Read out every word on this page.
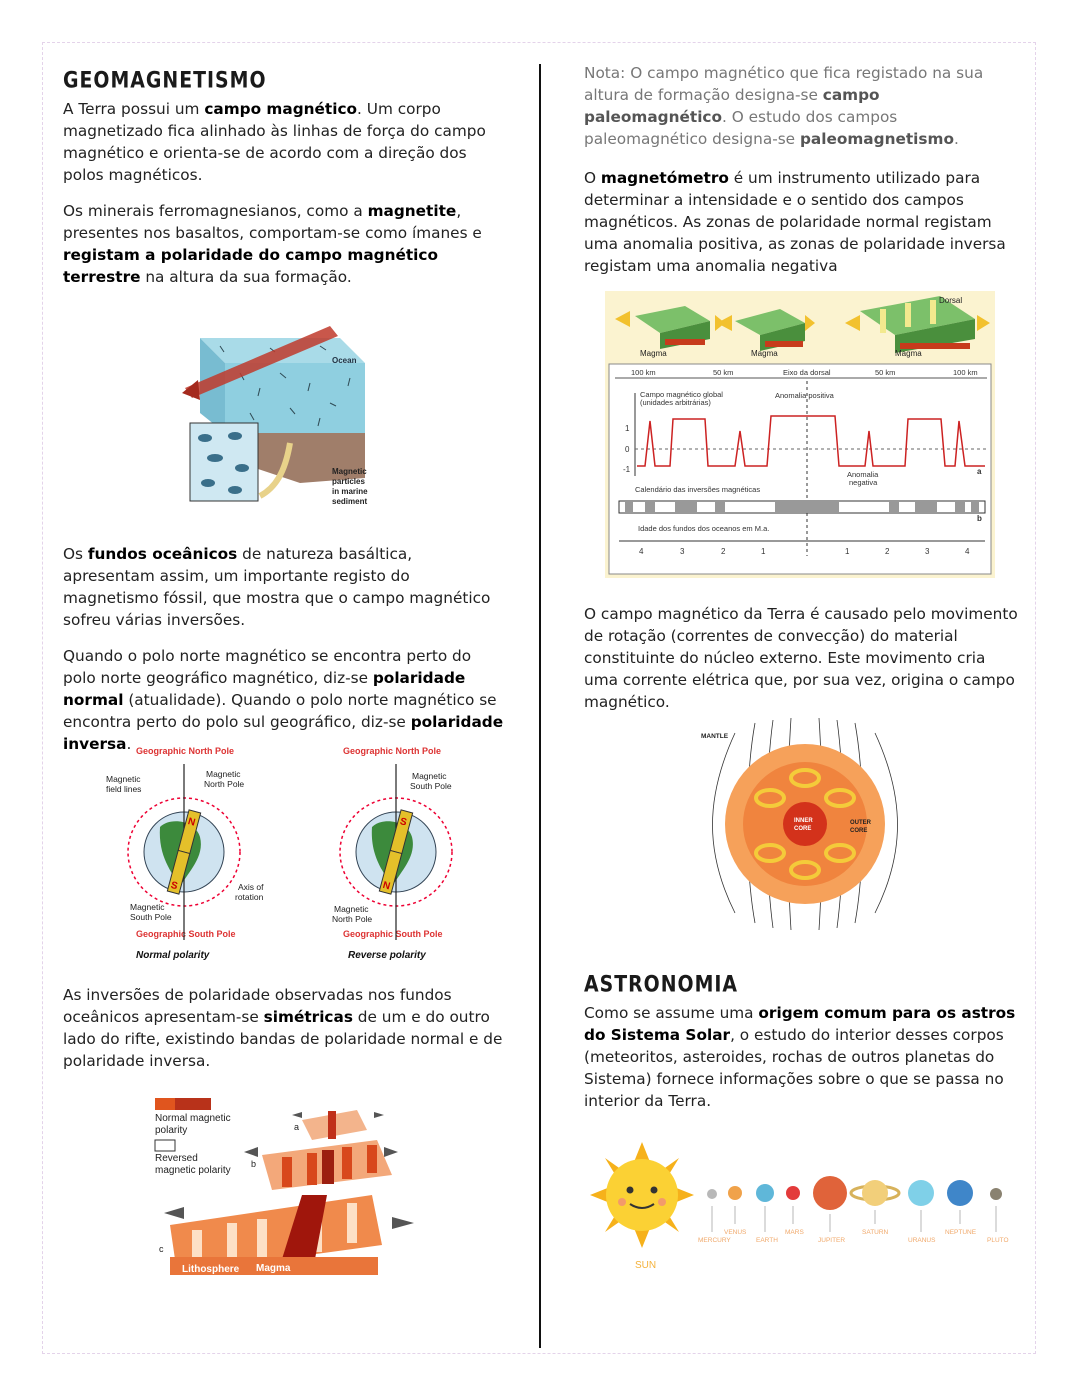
GEOMAGNETISMO

A Terra possui um campo magnético. Um corpo magnetizado fica alinhado às linhas de força do campo magnético e orienta-se de acordo com a direção dos polos magnéticos.

Os minerais ferromagnesianos, como a magnetite, presentes nos basaltos, comportam-se como ímanes e registam a polaridade do campo magnético terrestre na altura da sua formação.

Ocean
Magnetic
particles
in marine
sediment

Os fundos oceânicos de natureza basáltica, apresentam assim, um importante registo do magnetismo fóssil, que mostra que o campo magnético sofreu várias inversões.

Quando o polo norte magnético se encontra perto do polo norte geográfico magnético, diz-se polaridade normal (atualidade). Quando o polo norte magnético se encontra perto do polo sul geográfico, diz-se polaridade inversa. Geographic North Pole
Geographic South Pole
Magnetic
field lines
Magnetic
North Pole
Magnetic
South Pole
Axis of
rotation
N
S
Normal polarity
Geographic North Pole
Geographic South Pole
Magnetic
South Pole
Magnetic
North Pole
S
N
Reverse polarity

As inversões de polaridade observadas nos fundos oceânicos apresentam-se simétricas de um e do outro lado do rifte, existindo bandas de polaridade normal e de polaridade inversa.

Normal magnetic
polarity
Reversed
magnetic polarity
a
b
c
Lithosphere Magma

Nota: O campo magnético que fica registado na sua altura de formação designa-se campo paleomagnético. O estudo dos campos paleomagnético designa-se paleomagnetismo.

O magnetómetro é um instrumento utilizado para determinar a intensidade e o sentido dos campos magnéticos. As zonas de polaridade normal registam uma anomalia positiva, as zonas de polaridade inversa registam uma anomalia negativa

Dorsal
Magma	Magma	Magma
100 km	50 km	Eixo da dorsal	50 km	100 km
Campo magnético global
(unidades arbitrárias)
Anomalia positiva
Anomalia
negativa
1
0
-1	a
b
Calendário das inversões magnéticas
Idade dos fundos dos oceanos em M.a.
4	3	2	1	1	2	3	4

O campo magnético da Terra é causado pelo movimento de rotação (correntes de convecção) do material constituinte do núcleo externo. Este movimento cria uma corrente elétrica que, por sua vez, origina o campo magnético.

MANTLE
INNER
CORE
OUTER
CORE
ASTRONOMIA

Como se assume uma origem comum para os astros do Sistema Solar, o estudo do interior desses corpos (meteoritos, asteroides, rochas de outros planetas do Sistema) fornece informações sobre o que se passa no interior da Terra.

SUN
MERCURY
VENUS
EARTH
MARS
JUPITER
SATURN
URANUS
NEPTUNE
PLUTO
